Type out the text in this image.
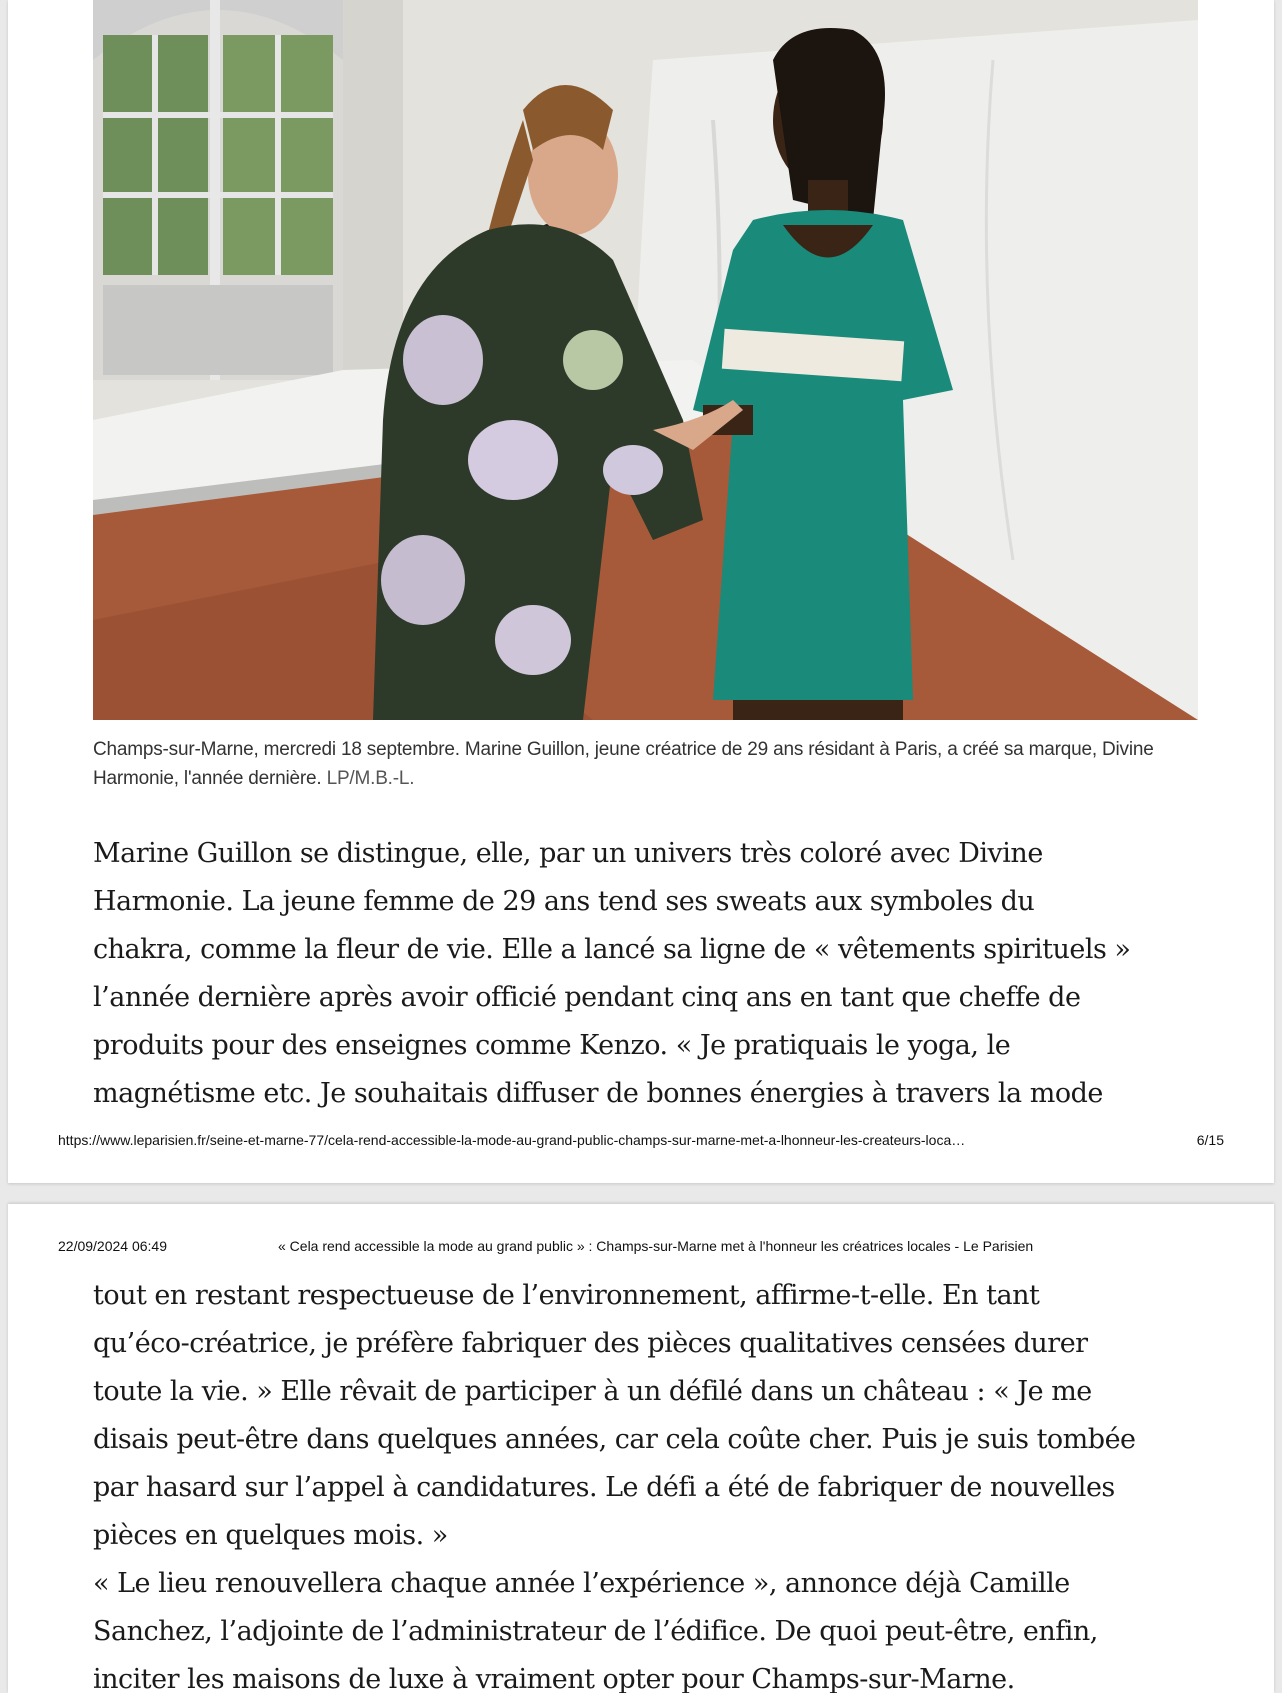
Champs-sur-Marne, mercredi 18 septembre. Marine Guillon, jeune créatrice de 29 ans résidant à Paris, a créé sa marque, Divine Harmonie, l'année dernière. LP/M.B.-L.

Marine Guillon se distingue, elle, par un univers très coloré avec Divine

Harmonie. La jeune femme de 29 ans tend ses sweats aux symboles du

chakra, comme la fleur de vie. Elle a lancé sa ligne de « vêtements spirituels »

l’année dernière après avoir officié pendant cinq ans en tant que cheffe de

produits pour des enseignes comme Kenzo. « Je pratiquais le yoga, le

magnétisme etc. Je souhaitais diffuser de bonnes énergies à travers la mode

https://www.leparisien.fr/seine-et-marne-77/cela-rend-accessible-la-mode-au-grand-public-champs-sur-marne-met-a-lhonneur-les-createurs-loca…	6/15
22/09/2024 06:49	« Cela rend accessible la mode au grand public » : Champs-sur-Marne met à l'honneur les créatrices locales - Le Parisien

tout en restant respectueuse de l’environnement, affirme-t-elle. En tant

qu’éco-créatrice, je préfère fabriquer des pièces qualitatives censées durer

toute la vie. » Elle rêvait de participer à un défilé dans un château : « Je me

disais peut-être dans quelques années, car cela coûte cher. Puis je suis tombée

par hasard sur l’appel à candidatures. Le défi a été de fabriquer de nouvelles

pièces en quelques mois. »

« Le lieu renouvellera chaque année l’expérience », annonce déjà Camille

Sanchez, l’adjointe de l’administrateur de l’édifice. De quoi peut-être, enfin,

inciter les maisons de luxe à vraiment opter pour Champs-sur-Marne.
